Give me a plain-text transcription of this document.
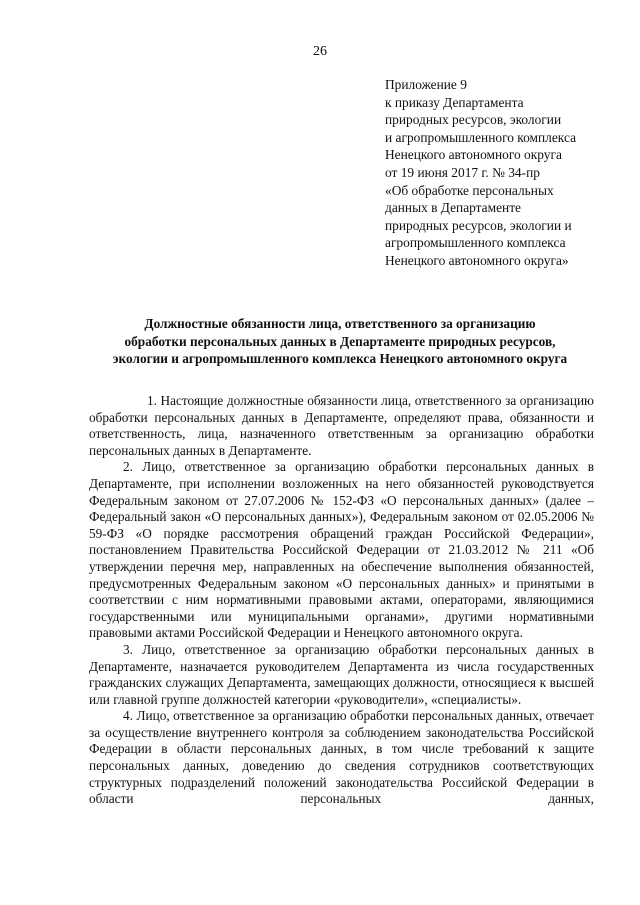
26
Приложение 9
к приказу Департамента
природных ресурсов, экологии
и агропромышленного комплекса
Ненецкого автономного округа
от 19 июня 2017 г. № 34-пр
«Об обработке персональных
данных в Департаменте
природных ресурсов, экологии и
агропромышленного комплекса
Ненецкого автономного округа»
Должностные обязанности лица, ответственного за организацию
обработки персональных данных в Департаменте природных ресурсов,
экологии и агропромышленного комплекса Ненецкого автономного округа

1. Настоящие должностные обязанности лица, ответственного за организацию обработки персональных данных в Департаменте, определяют права, обязанности и ответственность, лица, назначенного ответственным за организацию обработки персональных данных в Департаменте.

2. Лицо, ответственное за организацию обработки персональных данных в Департаменте, при исполнении возложенных на него обязанностей руководствуется Федеральным законом от 27.07.2006 № 152-ФЗ «О персональных данных» (далее – Федеральный закон «О персональных данных»), Федеральным законом от 02.05.2006 № 59-ФЗ «О порядке рассмотрения обращений граждан Российской Федерации», постановлением Правительства Российской Федерации от 21.03.2012 № 211 «Об утверждении перечня мер, направленных на обеспечение выполнения обязанностей, предусмотренных Федеральным законом «О персональных данных» и принятыми в соответствии с ним нормативными правовыми актами, операторами, являющимися государственными или муниципальными органами», другими нормативными правовыми актами Российской Федерации и Ненецкого автономного округа.

3. Лицо, ответственное за организацию обработки персональных данных в Департаменте, назначается руководителем Департамента из числа государственных гражданских служащих Департамента, замещающих должности, относящиеся к высшей или главной группе должностей категории «руководители», «специалисты».

4. Лицо, ответственное за организацию обработки персональных данных, отвечает за осуществление внутреннего контроля за соблюдением законодательства Российской Федерации в области персональных данных, в том числе требований к защите персональных данных, доведению до сведения сотрудников соответствующих структурных подразделений положений законодательства Российской Федерации в области персональных данных,
